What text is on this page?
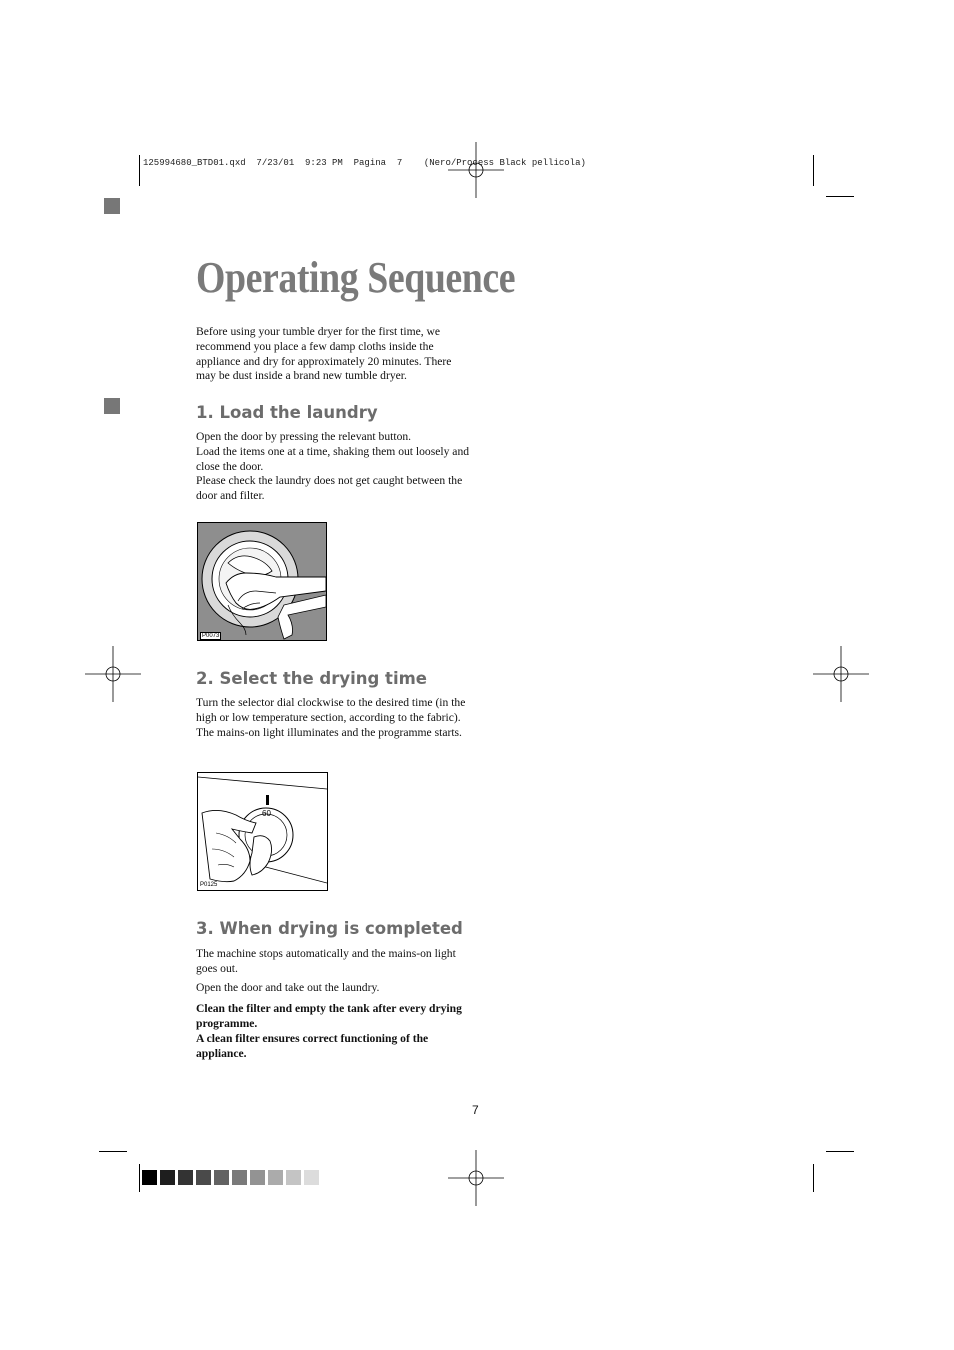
125994680_BTD01.qxd  7/23/01  9:23 PM  Pagina  7    (Nero/Process Black pellicola)
Operating Sequence
Before using your tumble dryer for the first time, we recommend you place a few damp cloths inside the appliance and dry for approximately 20 minutes. There may be dust inside a brand new tumble dryer.
1. Load the laundry
Open the door by pressing the relevant button.
Load the items one at a time, shaking them out loosely and close the door.
Please check the laundry does not get caught between the door and filter.
P0073
2. Select the drying time
Turn the selector dial clockwise to the desired time (in the high or low temperature section, according to the fabric).
The mains-on light illuminates and the programme starts.
60
P0125
3. When drying is completed
The machine stops automatically and the mains-on light goes out.
Open the door and take out the laundry.
Clean the filter and empty the tank after every drying programme.
A clean filter ensures correct functioning of the appliance.
7
